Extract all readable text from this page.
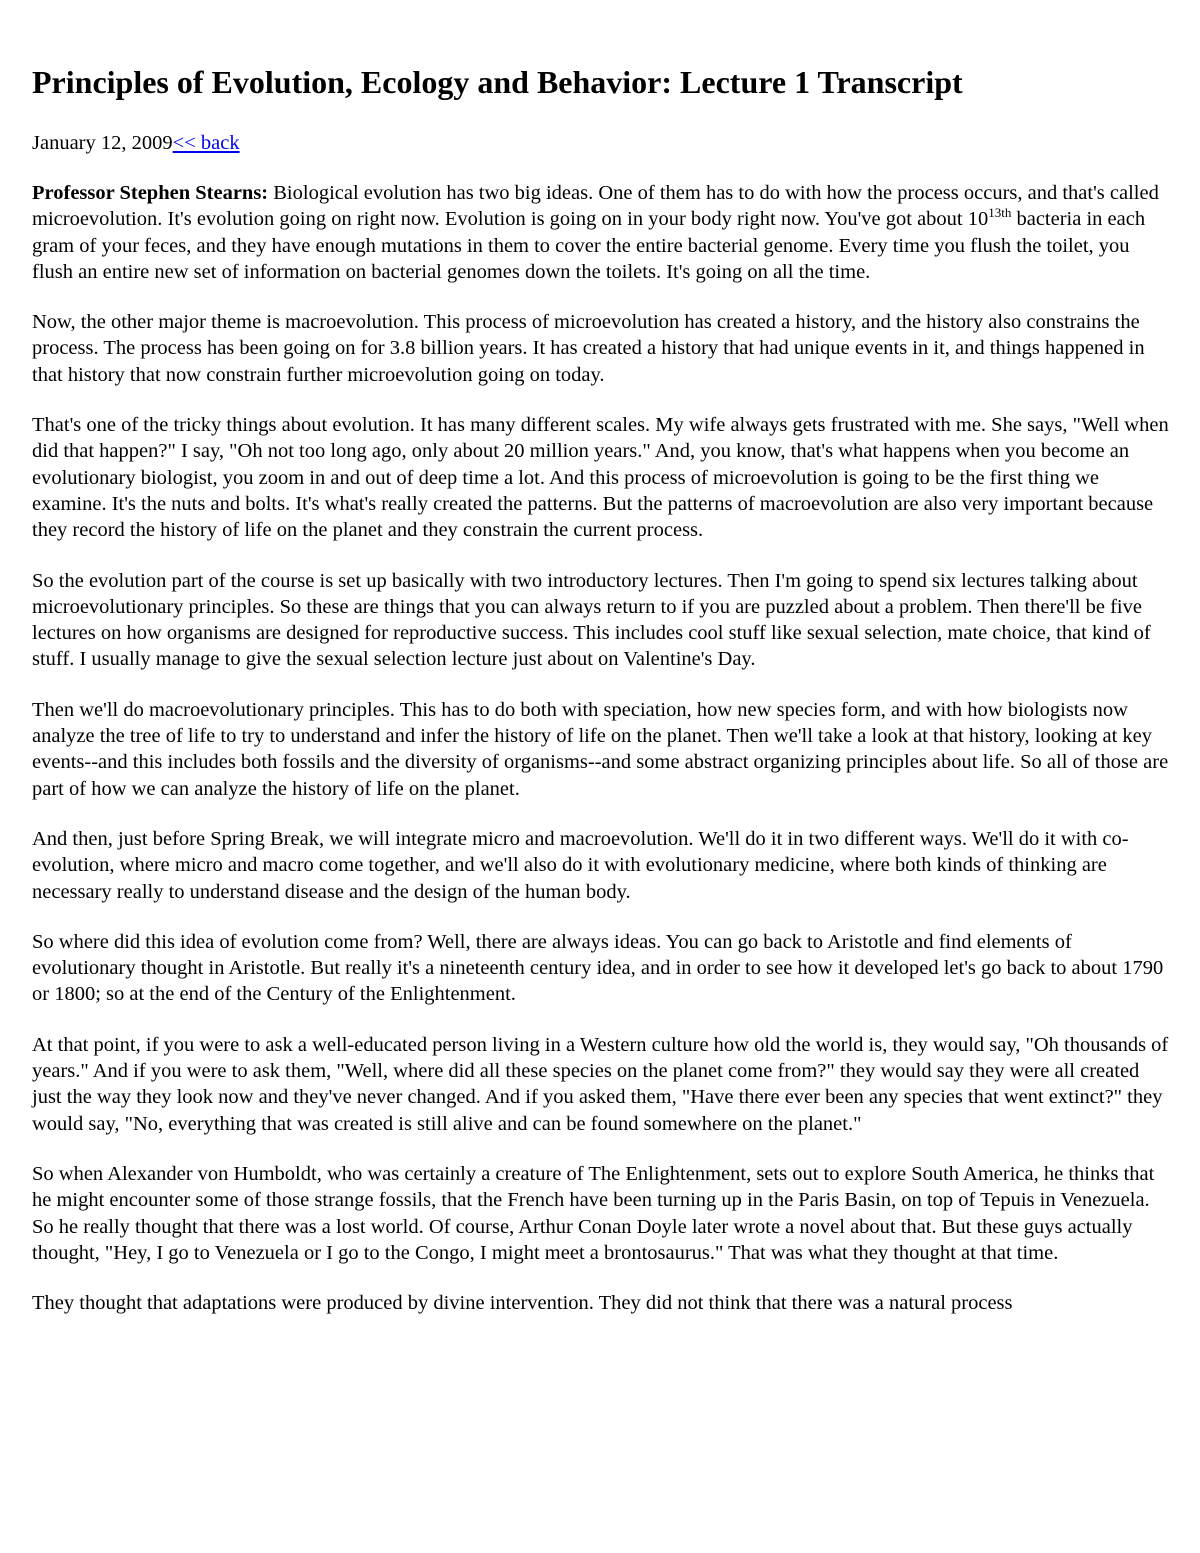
Principles of Evolution, Ecology and Behavior: Lecture 1 Transcript
January 12, 2009<< back

Professor Stephen Stearns: Biological evolution has two big ideas. One of them has to do with how the process occurs, and that's called microevolution. It's evolution going on right now. Evolution is going on in your body right now. You've got about $10^{13th}$ bacteria in each gram of your feces, and they have enough mutations in them to cover the entire bacterial genome. Every time you flush the toilet, you flush an entire new set of information on bacterial genomes down the toilets. It's going on all the time.

Now, the other major theme is macroevolution. This process of microevolution has created a history, and the history also constrains the process. The process has been going on for 3.8 billion years. It has created a history that had unique events in it, and things happened in that history that now constrain further microevolution going on today.

That's one of the tricky things about evolution. It has many different scales. My wife always gets frustrated with me. She says, "Well when did that happen?" I say, "Oh not too long ago, only about 20 million years." And, you know, that's what happens when you become an evolutionary biologist, you zoom in and out of deep time a lot. And this process of microevolution is going to be the first thing we examine. It's the nuts and bolts. It's what's really created the patterns. But the patterns of macroevolution are also very important because they record the history of life on the planet and they constrain the current process.

So the evolution part of the course is set up basically with two introductory lectures. Then I'm going to spend six lectures talking about microevolutionary principles. So these are things that you can always return to if you are puzzled about a problem. Then there'll be five lectures on how organisms are designed for reproductive success. This includes cool stuff like sexual selection, mate choice, that kind of stuff. I usually manage to give the sexual selection lecture just about on Valentine's Day.

Then we'll do macroevolutionary principles. This has to do both with speciation, how new species form, and with how biologists now analyze the tree of life to try to understand and infer the history of life on the planet. Then we'll take a look at that history, looking at key events--and this includes both fossils and the diversity of organisms--and some abstract organizing principles about life. So all of those are part of how we can analyze the history of life on the planet.

And then, just before Spring Break, we will integrate micro and macroevolution. We'll do it in two different ways. We'll do it with co-evolution, where micro and macro come together, and we'll also do it with evolutionary medicine, where both kinds of thinking are necessary really to understand disease and the design of the human body.

So where did this idea of evolution come from? Well, there are always ideas. You can go back to Aristotle and find elements of evolutionary thought in Aristotle. But really it's a nineteenth century idea, and in order to see how it developed let's go back to about 1790 or 1800; so at the end of the Century of the Enlightenment.

At that point, if you were to ask a well-educated person living in a Western culture how old the world is, they would say, "Oh thousands of years." And if you were to ask them, "Well, where did all these species on the planet come from?" they would say they were all created just the way they look now and they've never changed. And if you asked them, "Have there ever been any species that went extinct?" they would say, "No, everything that was created is still alive and can be found somewhere on the planet."

So when Alexander von Humboldt, who was certainly a creature of The Enlightenment, sets out to explore South America, he thinks that he might encounter some of those strange fossils, that the French have been turning up in the Paris Basin, on top of Tepuis in Venezuela. So he really thought that there was a lost world. Of course, Arthur Conan Doyle later wrote a novel about that. But these guys actually thought, "Hey, I go to Venezuela or I go to the Congo, I might meet a brontosaurus." That was what they thought at that time.

They thought that adaptations were produced by divine intervention. They did not think that there was a natural process
